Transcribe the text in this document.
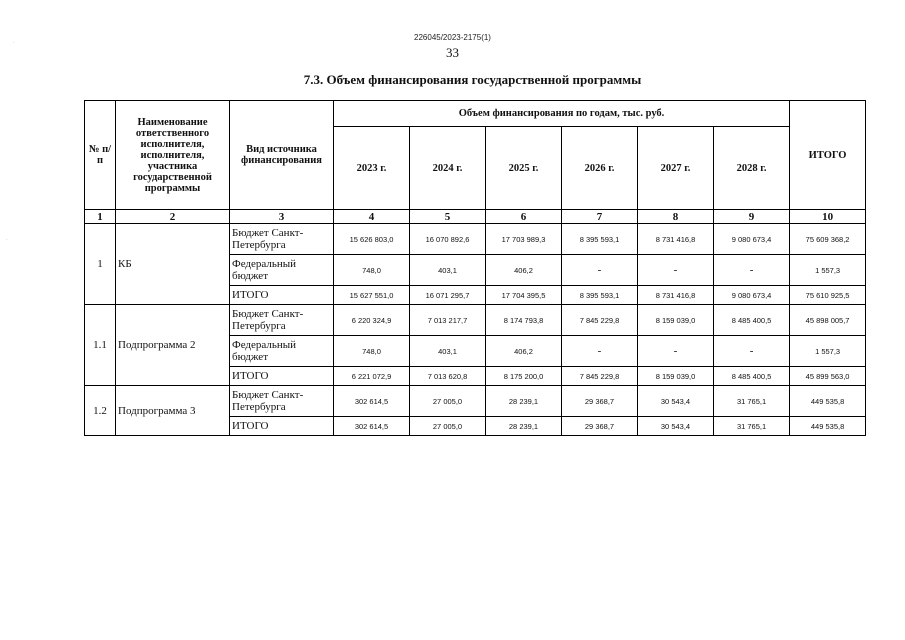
226045/2023-2175(1)
33
7.3. Объем финансирования государственной программы
·
·
№ п/п	Наименование ответственного исполнителя, исполнителя, участника государственной программы	Вид источника финансирования	Объем финансирования по годам, тыс. руб.						ИТОГО
			2023 г.	2024 г.	2025 г.	2026 г.	2027 г.	2028 г.	
1	2	3	4	5	6	7	8	9	10
1	КБ	Бюджет Санкт-Петербурга	15 626 803,0	16 070 892,6	17 703 989,3	8 395 593,1	8 731 416,8	9 080 673,4	75 609 368,2
		Федеральный бюджет	748,0	403,1	406,2	-	-	-	1 557,3
		ИТОГО	15 627 551,0	16 071 295,7	17 704 395,5	8 395 593,1	8 731 416,8	9 080 673,4	75 610 925,5
1.1	Подпрограмма 2	Бюджет Санкт-Петербурга	6 220 324,9	7 013 217,7	8 174 793,8	7 845 229,8	8 159 039,0	8 485 400,5	45 898 005,7
		Федеральный бюджет	748,0	403,1	406,2	-	-	-	1 557,3
		ИТОГО	6 221 072,9	7 013 620,8	8 175 200,0	7 845 229,8	8 159 039,0	8 485 400,5	45 899 563,0
1.2	Подпрограмма 3	Бюджет Санкт-Петербурга	302 614,5	27 005,0	28 239,1	29 368,7	30 543,4	31 765,1	449 535,8
		ИТОГО	302 614,5	27 005,0	28 239,1	29 368,7	30 543,4	31 765,1	449 535,8
